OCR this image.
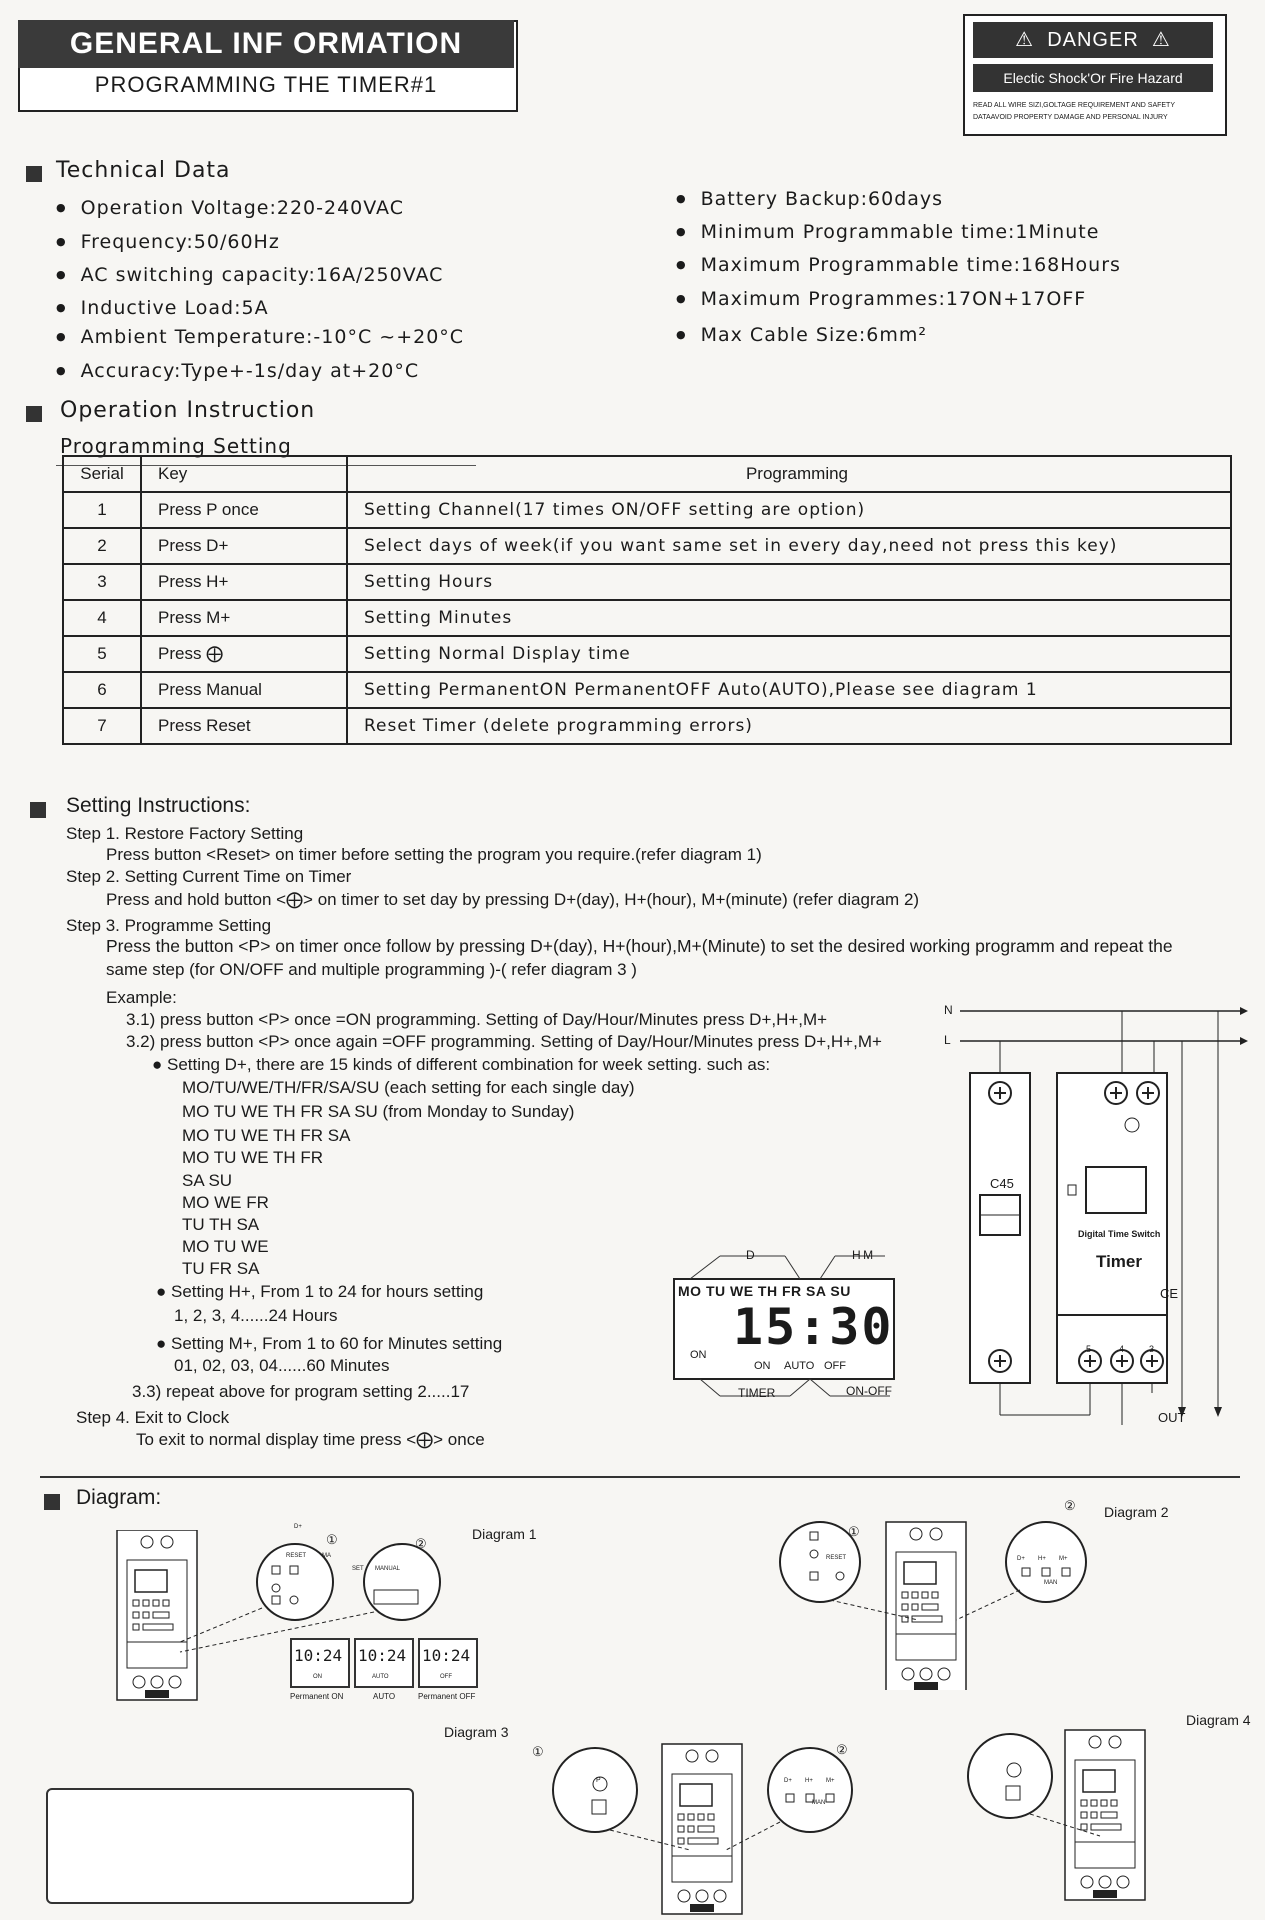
GENERAL INF ORMATION
PROGRAMMING THE TIMER#1
⚠ DANGER ⚠
Electic Shock'Or Fire Hazard
READ ALL WIRE SIZI,GOLTAGE REQUIREMENT AND SAFETY
DATAAVOID PROPERTY DAMAGE AND PERSONAL INJURY
Technical Data
● Operation Voltage:220-240VAC
● Frequency:50/60Hz
● AC switching capacity:16A/250VAC
● Inductive Load:5A
● Ambient Temperature:-10°C ~+20°C
● Accuracy:Type+-1s/day at+20°C
● Battery Backup:60days
● Minimum Programmable time:1Minute
● Maximum Programmable time:168Hours
● Maximum Programmes:17ON+17OFF
● Max Cable Size:6mm²
Operation Instruction
Programming Setting
Serial	Key	Programming
1	Press P once	Setting Channel(17 times ON/OFF setting are option)
2	Press D+	Select days of week(if you want same set in every day,need not press this key)
3	Press H+	Setting Hours
4	Press M+	Setting Minutes
5	Press ⨁	Setting Normal Display time
6	Press Manual	Setting PermanentON PermanentOFF Auto(AUTO),Please see diagram 1
7	Press Reset	Reset Timer (delete programming errors)
Setting Instructions:
Step 1. Restore Factory Setting
Press button <Reset> on timer before setting the program you require.(refer diagram 1)
Step 2. Setting Current Time on Timer
Press and hold button <⨁> on timer to set day by pressing D+(day), H+(hour), M+(minute) (refer diagram 2)
Step 3. Programme Setting
Press the button <P> on timer once follow by pressing D+(day), H+(hour),M+(Minute) to set the desired working programm and repeat the
same step (for ON/OFF and multiple programming )-( refer diagram 3 )
Example:
3.1) press button <P> once =ON programming. Setting of Day/Hour/Minutes press D+,H+,M+
3.2) press button <P> once again =OFF programming. Setting of Day/Hour/Minutes press D+,H+,M+
● Setting D+, there are 15 kinds of different combination for week setting. such as:
MO/TU/WE/TH/FR/SA/SU (each setting for each single day)
MO TU WE TH FR SA SU (from Monday to Sunday)
MO TU WE TH FR SA
MO TU WE TH FR
SA SU
MO WE FR
TU TH SA
MO TU WE
TU FR SA
● Setting H+, From 1 to 24 for hours setting
1, 2, 3, 4......24 Hours
● Setting M+, From 1 to 60 for Minutes setting
01, 02, 03, 04......60 Minutes
3.3) repeat above for program setting 2.....17
Step 4. Exit to Clock
To exit to normal display time press <⨁> once
D	H M
MO TU WE TH FR SA SU
15:30
ON
ON AUTO OFF
TIMER	ON-OFF
N
L
C45
Digital Time Switch
Timer
CE
5	4	3
OUT
Diagram:
①	②
D+
RESET	MA
SET MANUAL
Diagram 1
10:24
ON
10:24
AUTO
10:24
OFF
Permanent ON	AUTO	Permanent OFF
①
②
RESET	D+ H+ M+
MAN
Diagram 2
Diagram 3
①	②
P	D+ H+ M+
MAN
Diagram 4
